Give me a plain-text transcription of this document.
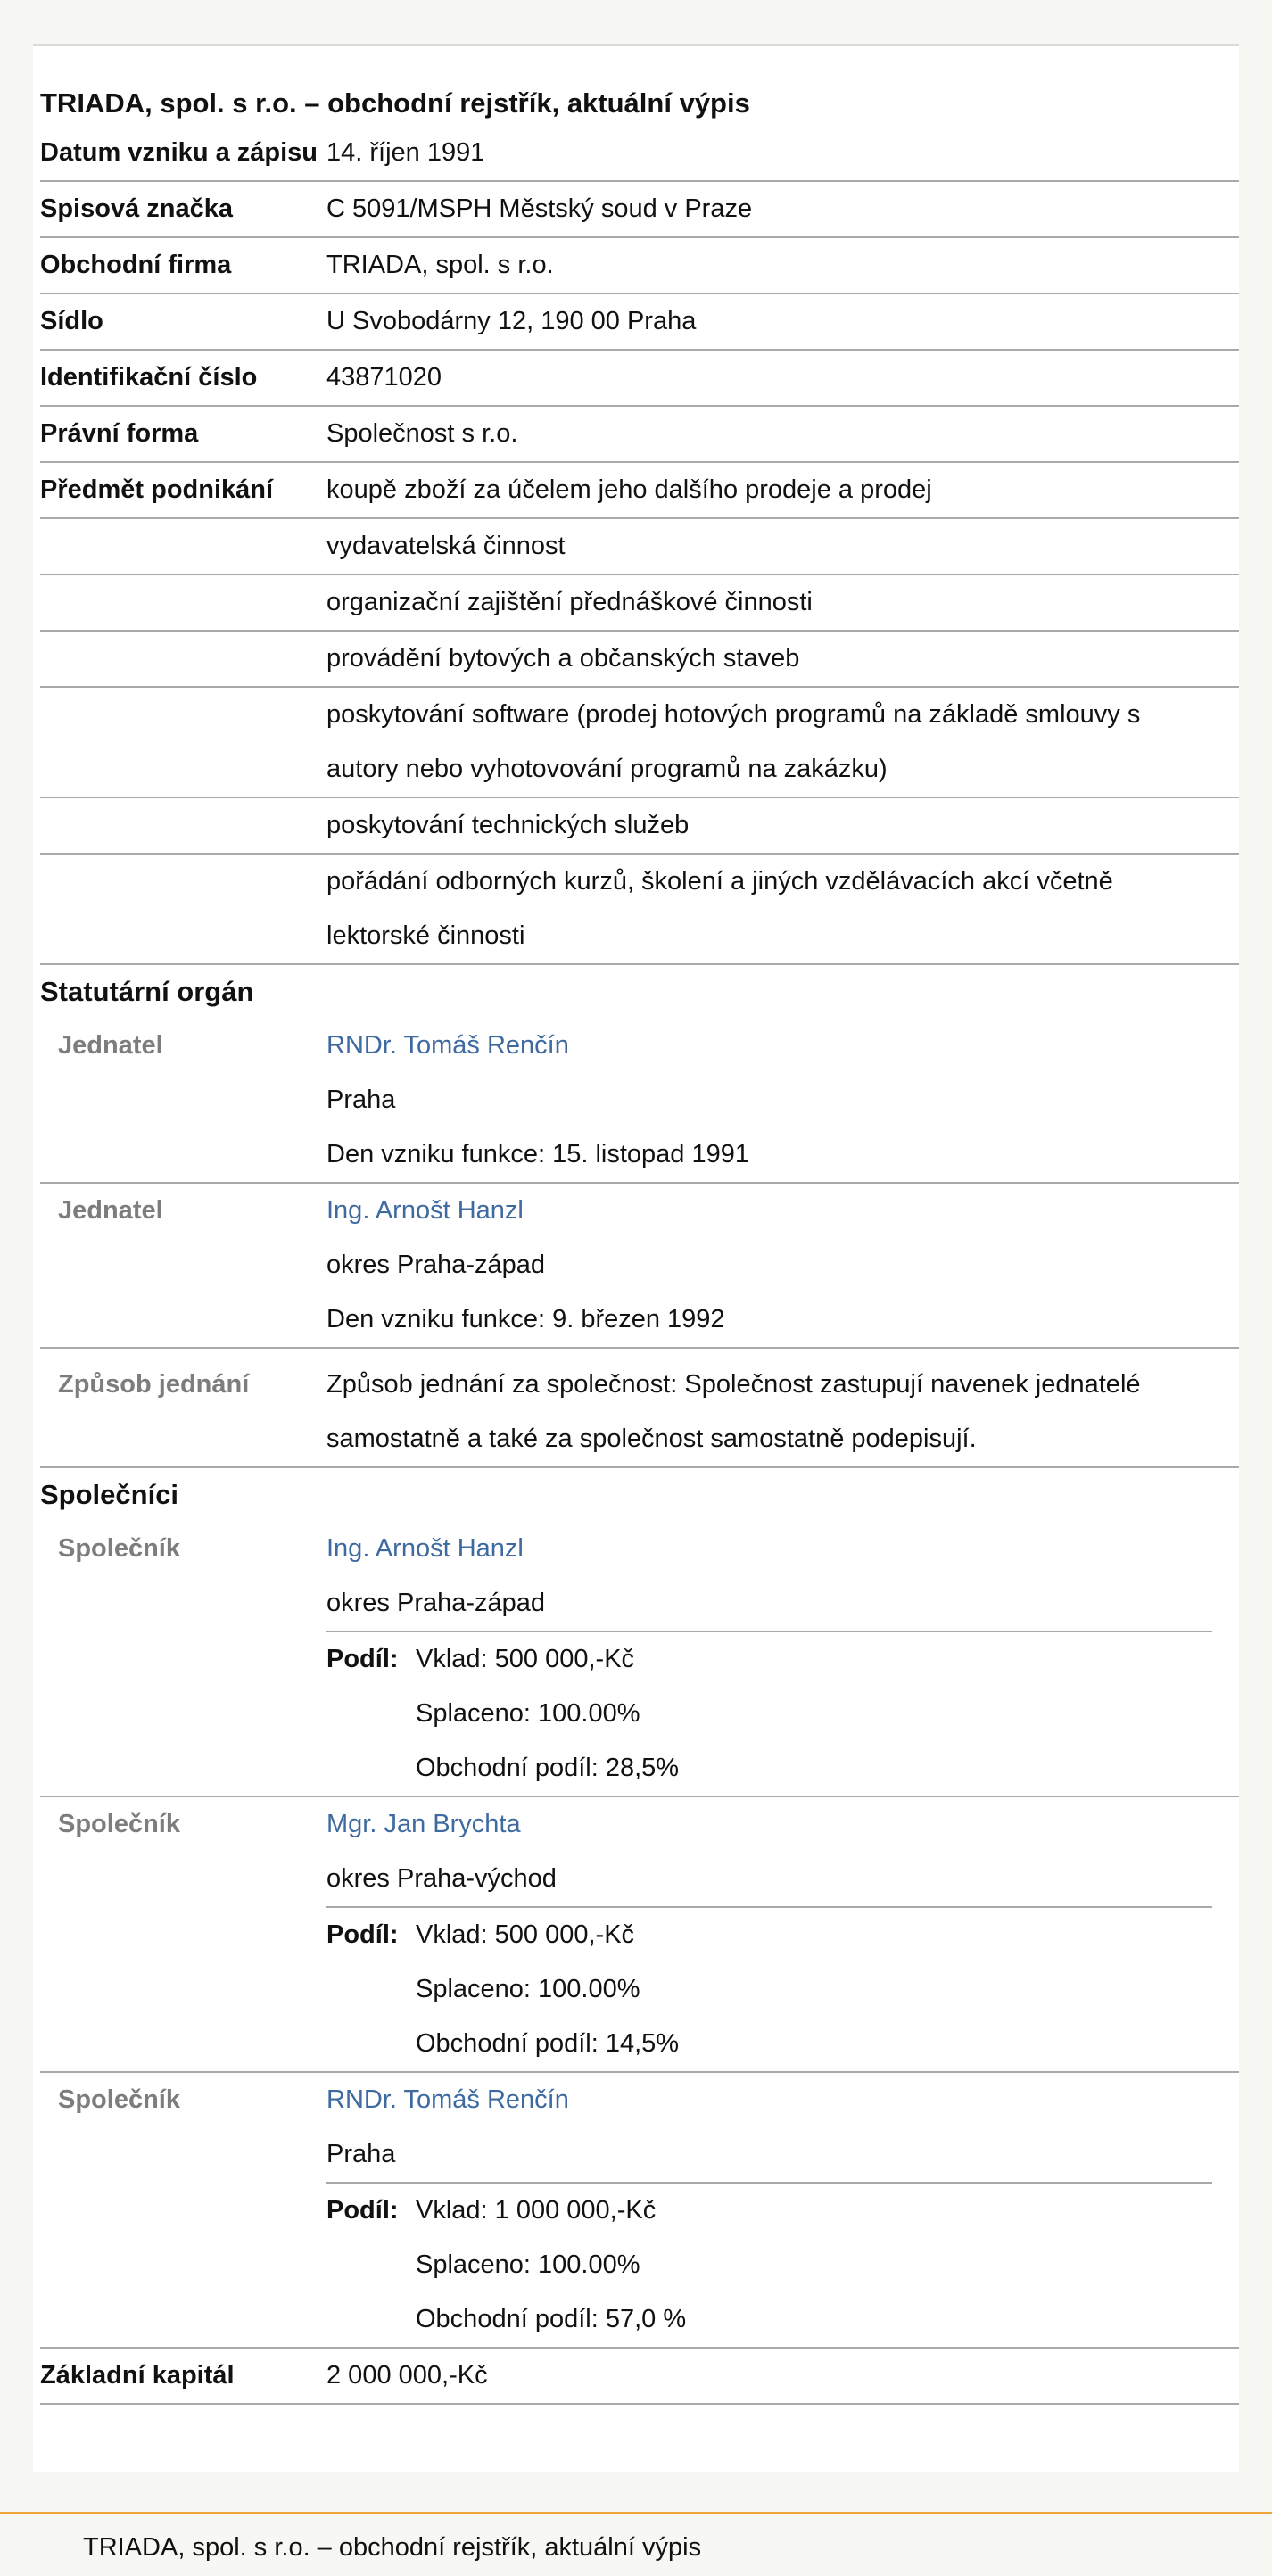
TRIADA, spol. s r.o. – obchodní rejstřík, aktuální výpis
Datum vzniku a zápisu 14. říjen 1991
Spisová značka	C 5091/MSPH Městský soud v Praze
Obchodní firma	TRIADA, spol. s r.o.
Sídlo	U Svobodárny 12, 190 00 Praha
Identifikační číslo	43871020
Právní forma	Společnost s r.o.
Předmět podnikání	koupě zboží za účelem jeho dalšího prodeje a prodej
vydavatelská činnost
organizační zajištění přednáškové činnosti
provádění bytových a občanských staveb
poskytování software (prodej hotových programů na základě smlouvy s autory nebo vyhotovování programů na zakázku)
poskytování technických služeb
pořádání odborných kurzů, školení a jiných vzdělávacích akcí včetně lektorské činnosti
Statutární orgán
Jednatel	RNDr. Tomáš Renčín
Praha
Den vzniku funkce: 15. listopad 1991
Jednatel	Ing. Arnošt Hanzl
okres Praha-západ
Den vzniku funkce: 9. březen 1992
Způsob jednání	Způsob jednání za společnost: Společnost zastupují navenek jednatelé samostatně a také za společnost samostatně podepisují.
Společníci
Společník	Ing. Arnošt Hanzl
okres Praha-západ
Podíl: Vklad: 500 000,-Kč
Splaceno: 100.00%
Obchodní podíl: 28,5%
Společník	Mgr. Jan Brychta
okres Praha-východ
Podíl: Vklad: 500 000,-Kč
Splaceno: 100.00%
Obchodní podíl: 14,5%
Společník	RNDr. Tomáš Renčín
Praha
Podíl: Vklad: 1 000 000,-Kč
Splaceno: 100.00%
Obchodní podíl: 57,0 %
Základní kapitál	2 000 000,-Kč
TRIADA, spol. s r.o. – obchodní rejstřík, aktuální výpis
